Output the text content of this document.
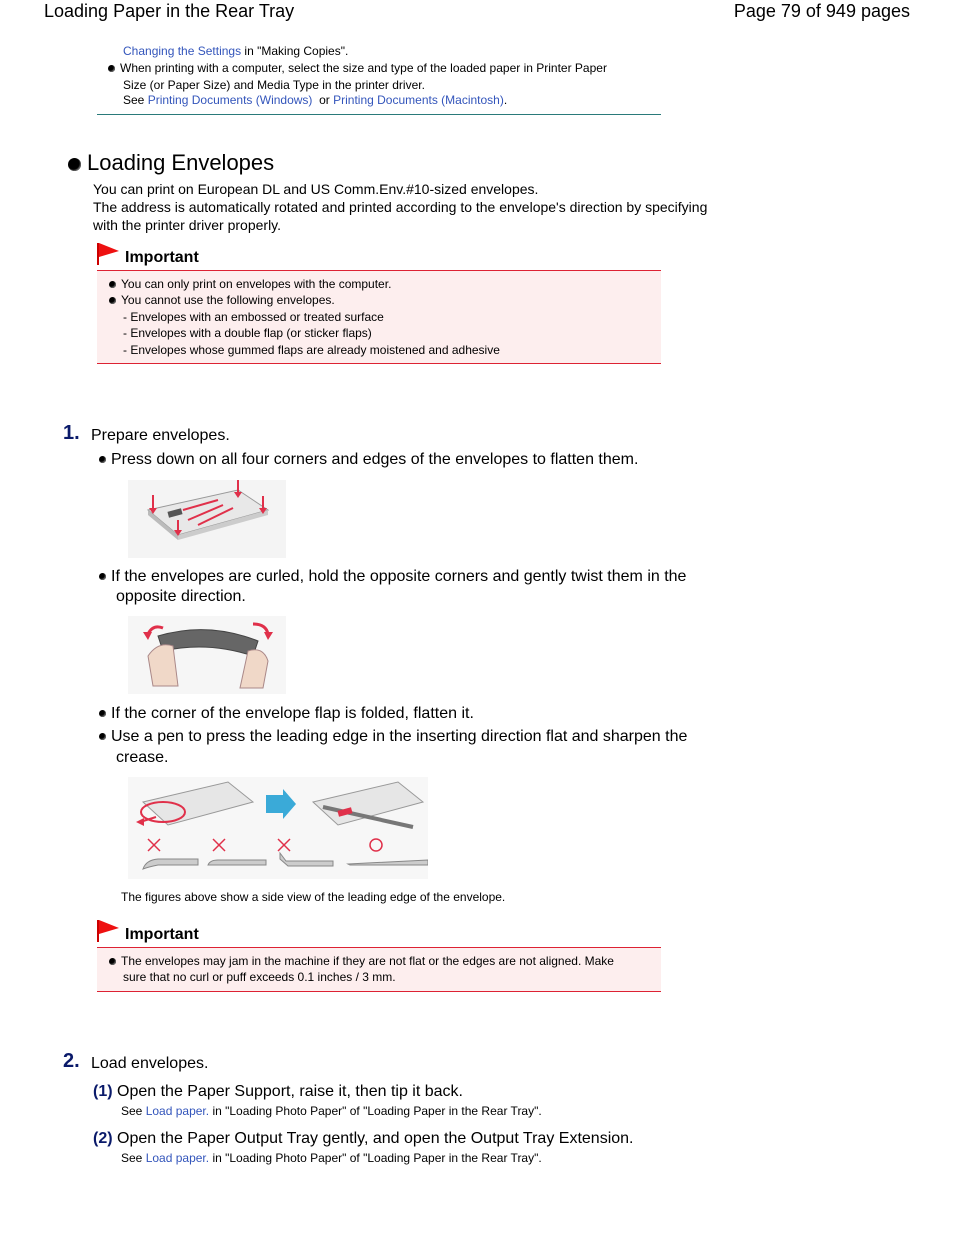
Loading Paper in the Rear Tray	Page 79 of 949 pages
Changing the Settings in "Making Copies".
When printing with a computer, select the size and type of the loaded paper in Printer Paper
Size (or Paper Size) and Media Type in the printer driver.
See Printing Documents (Windows) or Printing Documents (Macintosh).
Loading Envelopes
You can print on European DL and US Comm.Env.#10-sized envelopes.
The address is automatically rotated and printed according to the envelope's direction by specifying
with the printer driver properly.
Important
You can only print on envelopes with the computer.
You cannot use the following envelopes.
- Envelopes with an embossed or treated surface
- Envelopes with a double flap (or sticker flaps)
- Envelopes whose gummed flaps are already moistened and adhesive
1. Prepare envelopes.
Press down on all four corners and edges of the envelopes to flatten them.
If the envelopes are curled, hold the opposite corners and gently twist them in the
opposite direction.
If the corner of the envelope flap is folded, flatten it.
Use a pen to press the leading edge in the inserting direction flat and sharpen the
crease.
The figures above show a side view of the leading edge of the envelope.
Important
The envelopes may jam in the machine if they are not flat or the edges are not aligned. Make
sure that no curl or puff exceeds 0.1 inches / 3 mm.
2. Load envelopes.
(1) Open the Paper Support, raise it, then tip it back.
See Load paper. in "Loading Photo Paper" of "Loading Paper in the Rear Tray".
(2) Open the Paper Output Tray gently, and open the Output Tray Extension.
See Load paper. in "Loading Photo Paper" of "Loading Paper in the Rear Tray".
